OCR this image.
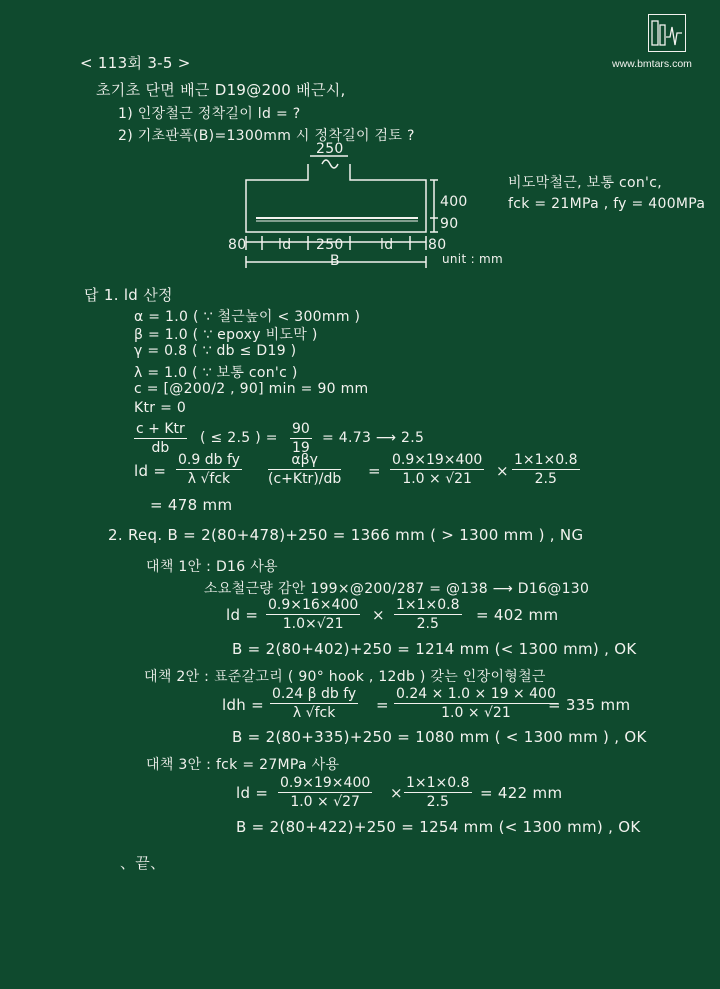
www.bmtars.com
< 113회 3-5 >
초기초 단면 배근 D19@200 배근시,
1) 인장철근 정착길이 ld = ?
2) 기초판폭(B)=1300mm 시 정착길이 검토 ?
250
400
90
80 ld 250	ld 80
B	unit : mm
비도막철근, 보통 con'c,
fck = 21MPa , fy = 400MPa
답 1. ld 산정
α = 1.0 ( ∵ 철근높이 < 300mm )
β = 1.0 ( ∵ epoxy 비도막 )
γ = 0.8 ( ∵ db ≤ D19 )
λ = 1.0 ( ∵ 보통 con'c )
c = [@200/2 , 90] min = 90 mm
Ktr = 0
c + Ktr
db
( ≤ 2.5 ) = $\frac{90}{19} = 4.73$ ⟶ 2.5
ld =
0.9 db fy
λ √fck
αβγ
$(c+Ktr)/db = \frac{0.9\times 19\times 400}{1.0 \times √21} \times \frac{1\times 1\times 0.8}{2.5}$
= 478 mm
2. Req. B = 2(80+478)+250 = 1366 mm ( > 1300 mm ) , NG
대책 1안 : D16 사용
소요철근량 감안 199×@200/287 = @138 ⟶ D16@130
ld = $\frac{0.9\times 16\times 400}{1.0\times√21} \times \frac{1\times 1\times 0.8}{2.5} = 402$ mm
B = 2(80+402)+250 = 1214 mm (< 1300 mm) , OK
대책 2안 : 표준갈고리 ( 90° hook , 12db ) 갖는 인장이형철근
ldh =
0.24 β db fy
λ √fck	= $\frac{0.24 \times 1.0 \times 19 \times 400}{1.0 \times √21}$
= 335 mm
B = 2(80+335)+250 = 1080 mm ( < 1300 mm ) , OK
대책 3안 : fck = 27MPa 사용
ld = $\frac{0.9\times 19\times 400}{1.0 \times √27} \times \frac{1\times 1\times 0.8}{2.5} = 422$ mm
B = 2(80+422)+250 = 1254 mm (< 1300 mm) , OK
、끝、
